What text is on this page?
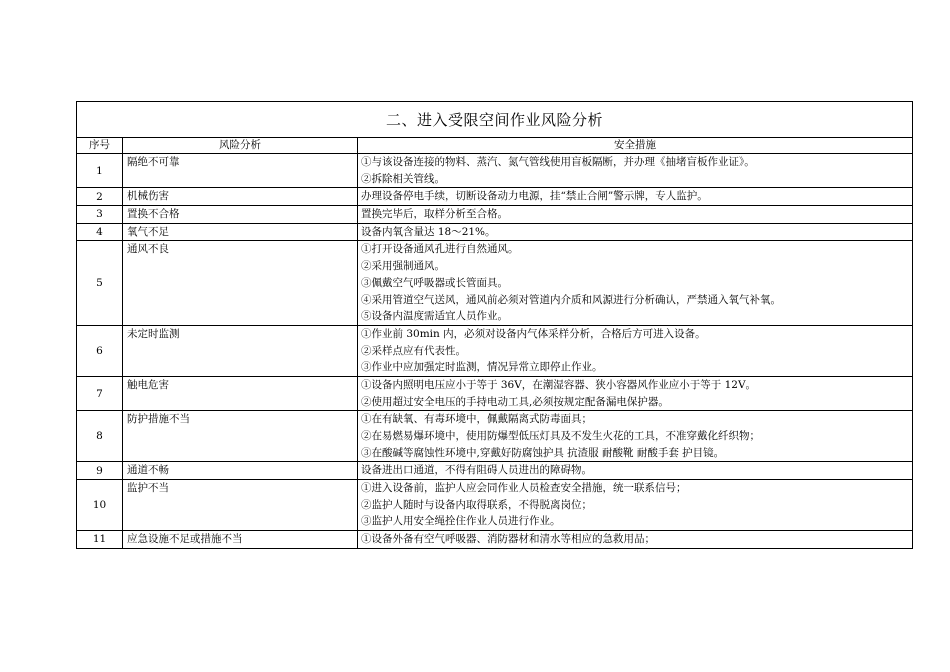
二、进入受限空间作业风险分析		
序号	风险分析	安全措施
1	隔绝不可靠	①与该设备连接的物料、蒸汽、氮气管线使用盲板隔断，并办理《抽堵盲板作业证》。
②拆除相关管线。

2	机械伤害	办理设备停电手续，切断设备动力电源，挂“禁止合闸”警示牌，专人监护。

3	置换不合格	置换完毕后，取样分析至合格。

4	氧气不足	设备内氧含量达 18～21%。

5	通风不良	①打开设备通风孔进行自然通风。
②采用强制通风。
③佩戴空气呼吸器或长管面具。
④采用管道空气送风，通风前必须对管道内介质和风源进行分析确认，严禁通入氧气补氧。
⑤设备内温度需适宜人员作业。

6	未定时监测	①作业前 30min 内，必须对设备内气体采样分析，合格后方可进入设备。
②采样点应有代表性。
③作业中应加强定时监测，情况异常立即停止作业。

7	触电危害	①设备内照明电压应小于等于 36V，在潮湿容器、狭小容器风作业应小于等于 12V。
②使用超过安全电压的手持电动工具,必须按规定配备漏电保护器。

8	防护措施不当	①在有缺氧、有毒环境中，佩戴隔离式防毒面具；
②在易燃易爆环境中，使用防爆型低压灯具及不发生火花的工具，不准穿戴化纤织物；
③在酸碱等腐蚀性环境中,穿戴好防腐蚀护具 抗渣服 耐酸靴 耐酸手套 护目镜。

9	通道不畅	设备进出口通道，不得有阻碍人员进出的障碍物。

10	监护不当	①进入设备前，监护人应会同作业人员检查安全措施，统一联系信号；
②监护人随时与设备内取得联系，不得脱离岗位；
③监护人用安全绳拴住作业人员进行作业。

11	应急设施不足或措施不当	①设备外备有空气呼吸器、消防器材和清水等相应的急救用品；
